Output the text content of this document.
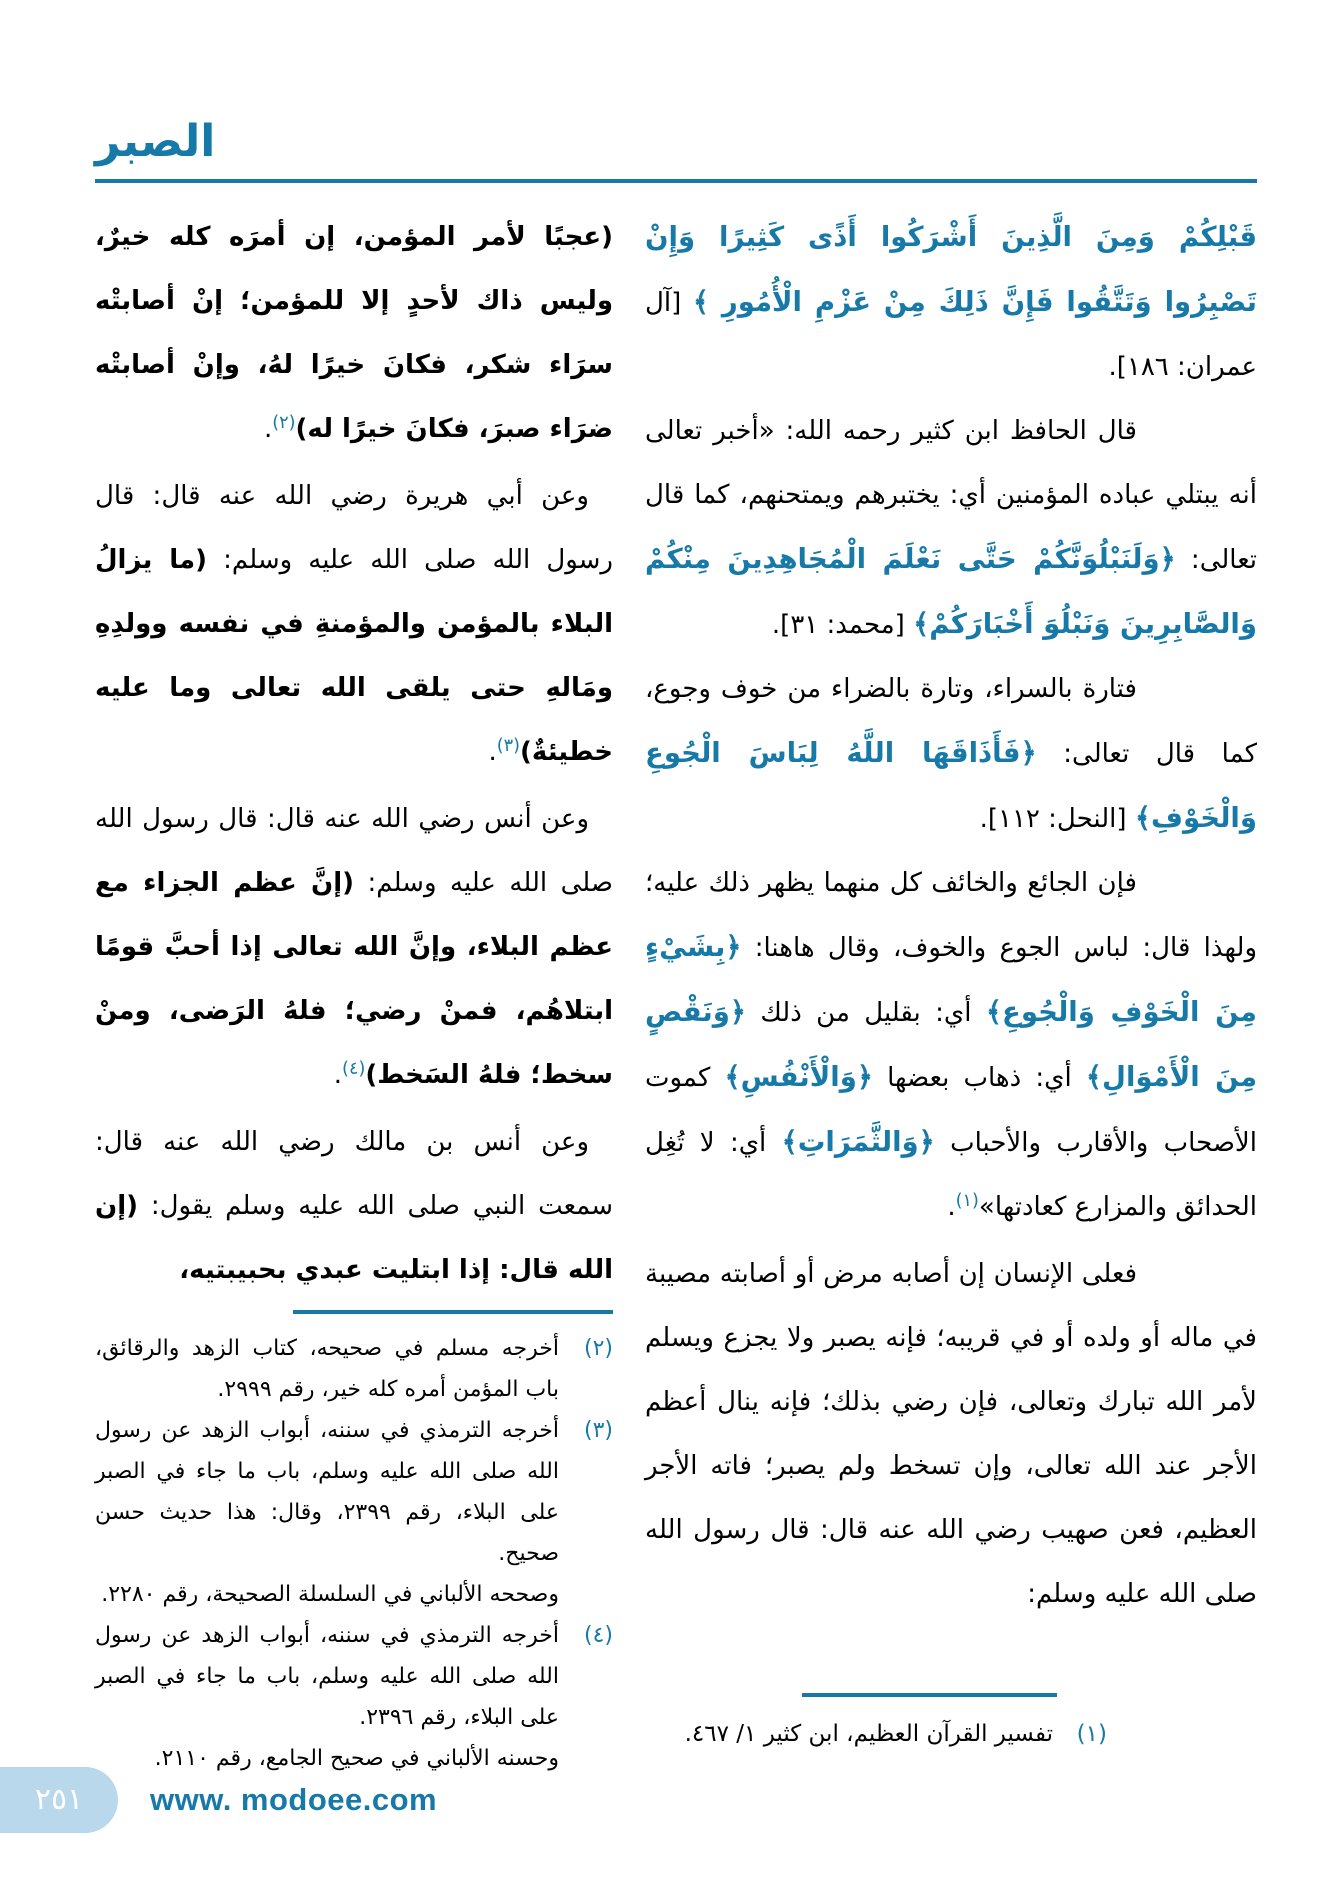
الصبر

قَبْلِكُمْ وَمِنَ الَّذِينَ أَشْرَكُوا أَذًى كَثِيرًا وَإِنْ تَصْبِرُوا وَتَتَّقُوا فَإِنَّ ذَلِكَ مِنْ عَزْمِ الْأُمُورِ ﴾ [آل عمران: ١٨٦].

قال الحافظ ابن كثير رحمه الله: «أخبر تعالى أنه يبتلي عباده المؤمنين أي: يختبرهم ويمتحنهم، كما قال تعالى: ﴿وَلَنَبْلُوَنَّكُمْ حَتَّى نَعْلَمَ الْمُجَاهِدِينَ مِنْكُمْ وَالصَّابِرِينَ وَنَبْلُوَ أَخْبَارَكُمْ﴾ [محمد: ٣١].

فتارة بالسراء، وتارة بالضراء من خوف وجوع، كما قال تعالى: ﴿فَأَذَاقَهَا اللَّهُ لِبَاسَ الْجُوعِ وَالْخَوْفِ﴾ [النحل: ١١٢].

فإن الجائع والخائف كل منهما يظهر ذلك عليه؛ ولهذا قال: لباس الجوع والخوف، وقال هاهنا: ﴿بِشَيْءٍ مِنَ الْخَوْفِ وَالْجُوعِ﴾ أي: بقليل من ذلك ﴿وَنَقْصٍ مِنَ الْأَمْوَالِ﴾ أي: ذهاب بعضها ﴿وَالْأَنْفُسِ﴾ كموت الأصحاب والأقارب والأحباب ﴿وَالثَّمَرَاتِ﴾ أي: لا تُغِل الحدائق والمزارع كعادتها»$^{(١)}$.

فعلى الإنسان إن أصابه مرض أو أصابته مصيبة في ماله أو ولده أو في قريبه؛ فإنه يصبر ولا يجزع ويسلم لأمر الله تبارك وتعالى، فإن رضي بذلك؛ فإنه ينال أعظم الأجر عند الله تعالى، وإن تسخط ولم يصبر؛ فاته الأجر العظيم، فعن صهيب رضي الله عنه قال: قال رسول الله صلى الله عليه وسلم:

(١)
تفسير القرآن العظيم، ابن كثير ١/ ٤٦٧.

(عجبًا لأمر المؤمن، إن أمرَه كله خيرٌ، وليس ذاك لأحدٍ إلا للمؤمن؛ إنْ أصابتْه سرَاء شكر، فكانَ خيرًا لهُ، وإنْ أصابتْه ضرَاء صبرَ، فكانَ خيرًا له)$^{(٢)}$.

وعن أبي هريرة رضي الله عنه قال: قال رسول الله صلى الله عليه وسلم: (ما يزالُ البلاء بالمؤمن والمؤمنةِ في نفسه وولدِهِ ومَالهِ حتى يلقى الله تعالى وما عليه خطيئةٌ)$^{(٣)}$.

وعن أنس رضي الله عنه قال: قال رسول الله صلى الله عليه وسلم: (إنَّ عظم الجزاء مع عظم البلاء، وإنَّ الله تعالى إذا أحبَّ قومًا ابتلاهُم، فمنْ رضي؛ فلهُ الرَضى، ومنْ سخط؛ فلهُ السَخط)$^{(٤)}$.

وعن أنس بن مالك رضي الله عنه قال: سمعت النبي صلى الله عليه وسلم يقول: (إن الله قال: إذا ابتليت عبدي بحبيبتيه،

(٢)
أخرجه مسلم في صحيحه، كتاب الزهد والرقائق، باب المؤمن أمره كله خير، رقم ٢٩٩٩.
(٣)
أخرجه الترمذي في سننه، أبواب الزهد عن رسول الله صلى الله عليه وسلم، باب ما جاء في الصبر على البلاء، رقم ٢٣٩٩، وقال: هذا حديث حسن صحيح.
وصححه الألباني في السلسلة الصحيحة، رقم ٢٢٨٠.
(٤)
أخرجه الترمذي في سننه، أبواب الزهد عن رسول الله صلى الله عليه وسلم، باب ما جاء في الصبر على البلاء، رقم ٢٣٩٦.
وحسنه الألباني في صحيح الجامع، رقم ٢١١٠.
٢٥١ www. modoee.com
